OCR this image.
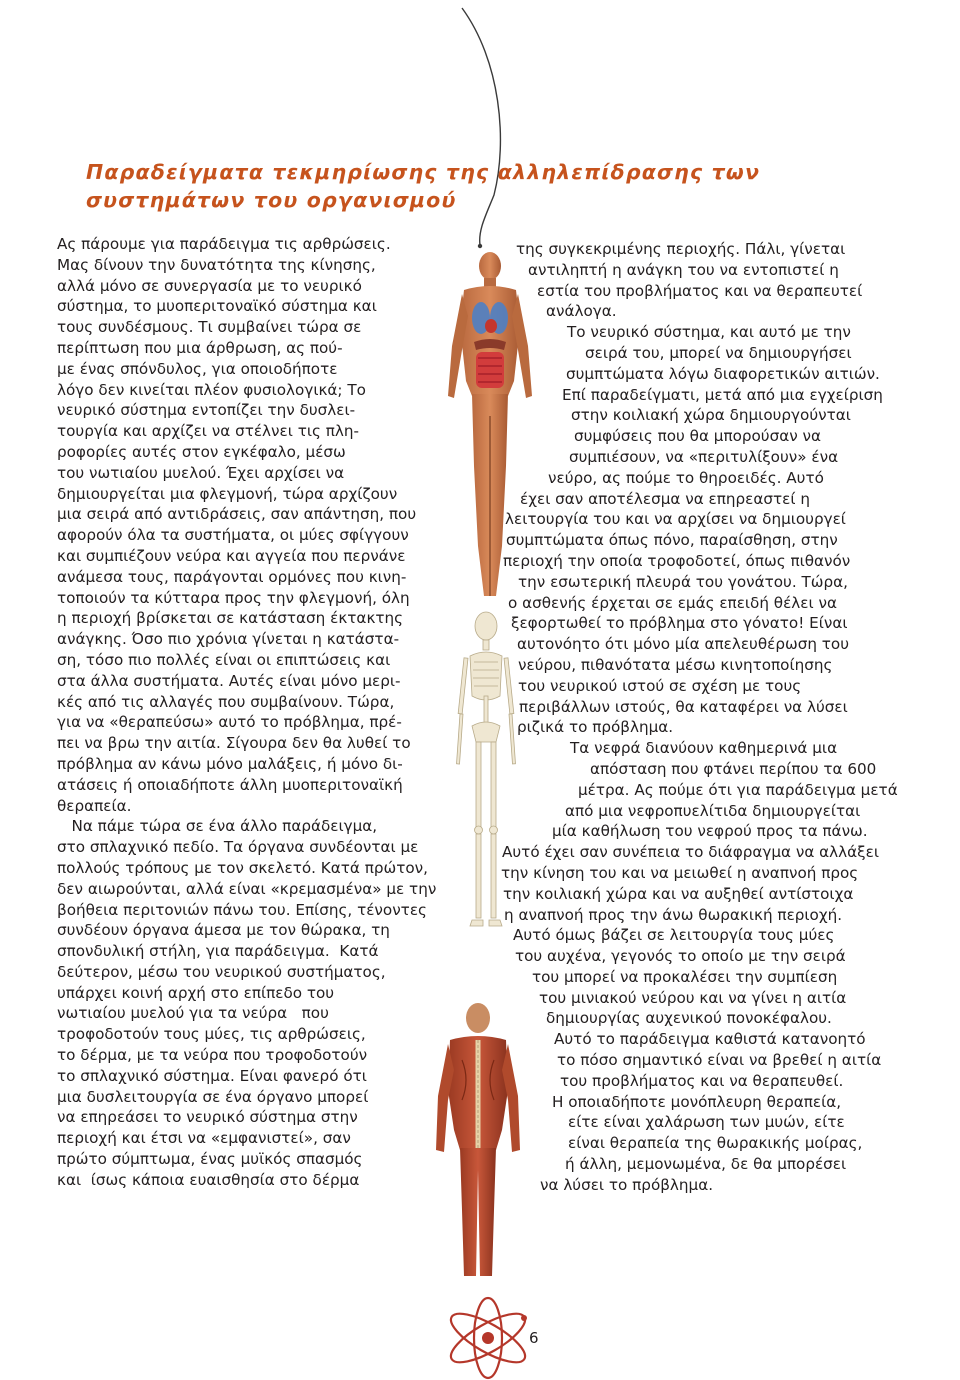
Παραδείγματα τεκμηρίωσης της αλληλεπίδρασης των
συστημάτων του οργανισμού
Ας πάρουμε για παράδειγμα τις αρθρώσεις.
Μας δίνουν την δυνατότητα της κίνησης,
αλλά μόνο σε συνεργασία με το νευρικό
σύστημα, το μυοπεριτοναϊκό σύστημα και
τους συνδέσμους. Τι συμβαίνει τώρα σε
περίπτωση που μια άρθρωση, ας πού-
με ένας σπόνδυλος, για οποιοδήποτε
λόγο δεν κινείται πλέον φυσιολογικά; Το
νευρικό σύστημα εντοπίζει την δυσλει-
τουργία και αρχίζει να στέλνει τις πλη-
ροφορίες αυτές στον εγκέφαλο, μέσω
του νωτιαίου μυελού. Έχει αρχίσει να
δημιουργείται μια φλεγμονή, τώρα αρχίζουν
μια σειρά από αντιδράσεις, σαν απάντηση, που
αφορούν όλα τα συστήματα, οι μύες σφίγγουν
και συμπιέζουν νεύρα και αγγεία που περνάνε
ανάμεσα τους, παράγονται ορμόνες που κινη-
τοποιούν τα κύτταρα προς την φλεγμονή, όλη
η περιοχή βρίσκεται σε κατάσταση έκτακτης
ανάγκης. Όσο πιο χρόνια γίνεται η κατάστα-
ση, τόσο πιο πολλές είναι οι επιπτώσεις και
στα άλλα συστήματα. Αυτές είναι μόνο μερι-
κές από τις αλλαγές που συμβαίνουν. Τώρα,
για να «θεραπεύσω» αυτό το πρόβλημα, πρέ-
πει να βρω την αιτία. Σίγουρα δεν θα λυθεί το
πρόβλημα αν κάνω μόνο μαλάξεις, ή μόνο δι-
ατάσεις ή οποιαδήποτε άλλη μυοπεριτοναϊκή
θεραπεία.
Να πάμε τώρα σε ένα άλλο παράδειγμα,
στο σπλαχνικό πεδίο. Τα όργανα συνδέονται με
πολλούς τρόπους με τον σκελετό. Κατά πρώτον,
δεν αιωρούνται, αλλά είναι «κρεμασμένα» με την
βοήθεια περιτονιών πάνω του. Επίσης, τένοντες
συνδέουν όργανα άμεσα με τον θώρακα, τη
σπονδυλική στήλη, για παράδειγμα.  Κατά
δεύτερον, μέσω του νευρικού συστήματος,
υπάρχει κοινή αρχή στο επίπεδο του
νωτιαίου μυελού για τα νεύρα   που
τροφοδοτούν τους μύες, τις αρθρώσεις,
το δέρμα, με τα νεύρα που τροφοδοτούν
το σπλαχνικό σύστημα. Είναι φανερό ότι
μια δυσλειτουργία σε ένα όργανο μπορεί
να επηρεάσει το νευρικό σύστημα στην
περιοχή και έτσι να «εμφανιστεί», σαν
πρώτο σύμπτωμα, ένας μυϊκός σπασμός
και  ίσως κάποια ευαισθησία στο δέρμα
της συγκεκριμένης περιοχής. Πάλι, γίνεται
αντιληπτή η ανάγκη του να εντοπιστεί η
εστία του προβλήματος και να θεραπευτεί
ανάλογα.
Το νευρικό σύστημα, και αυτό με την
σειρά του, μπορεί να δημιουργήσει
συμπτώματα λόγω διαφορετικών αιτιών.
Επί παραδείγματι, μετά από μια εγχείριση
στην κοιλιακή χώρα δημιουργούνται
συμφύσεις που θα μπορούσαν να
συμπιέσουν, να «περιτυλίξουν» ένα
νεύρο, ας πούμε το θηροειδές. Αυτό
έχει σαν αποτέλεσμα να επηρεαστεί η
λειτουργία του και να αρχίσει να δημιουργεί
συμπτώματα όπως πόνο, παραίσθηση, στην
περιοχή την οποία τροφοδοτεί, όπως πιθανόν
την εσωτερική πλευρά του γονάτου. Τώρα,
ο ασθενής έρχεται σε εμάς επειδή θέλει να
ξεφορτωθεί το πρόβλημα στο γόνατο! Είναι
αυτονόητο ότι μόνο μία απελευθέρωση του
νεύρου, πιθανότατα μέσω κινητοποίησης
του νευρικού ιστού σε σχέση με τους
περιβάλλων ιστούς, θα καταφέρει να λύσει
ριζικά το πρόβλημα.
Τα νεφρά διανύουν καθημερινά μια
απόσταση που φτάνει περίπου τα 600
μέτρα. Ας πούμε ότι για παράδειγμα μετά
από μια νεφροπυελίτιδα δημιουργείται
μία καθήλωση του νεφρού προς τα πάνω.
Αυτό έχει σαν συνέπεια το διάφραγμα να αλλάξει
την κίνηση του και να μειωθεί η αναπνοή προς
την κοιλιακή χώρα και να αυξηθεί αντίστοιχα
η αναπνοή προς την άνω θωρακική περιοχή.
Αυτό όμως βάζει σε λειτουργία τους μύες
του αυχένα, γεγονός το οποίο με την σειρά
του μπορεί να προκαλέσει την συμπίεση
του μινιακού νεύρου και να γίνει η αιτία
δημιουργίας αυχενικού πονοκέφαλου.
Αυτό το παράδειγμα καθιστά κατανοητό
το πόσο σημαντικό είναι να βρεθεί η αιτία
του προβλήματος και να θεραπευθεί.
Η οποιαδήποτε μονόπλευρη θεραπεία,
είτε είναι χαλάρωση των μυών, είτε
είναι θεραπεία της θωρακικής μοίρας,
ή άλλη, μεμονωμένα, δε θα μπορέσει
να λύσει το πρόβλημα.
6
